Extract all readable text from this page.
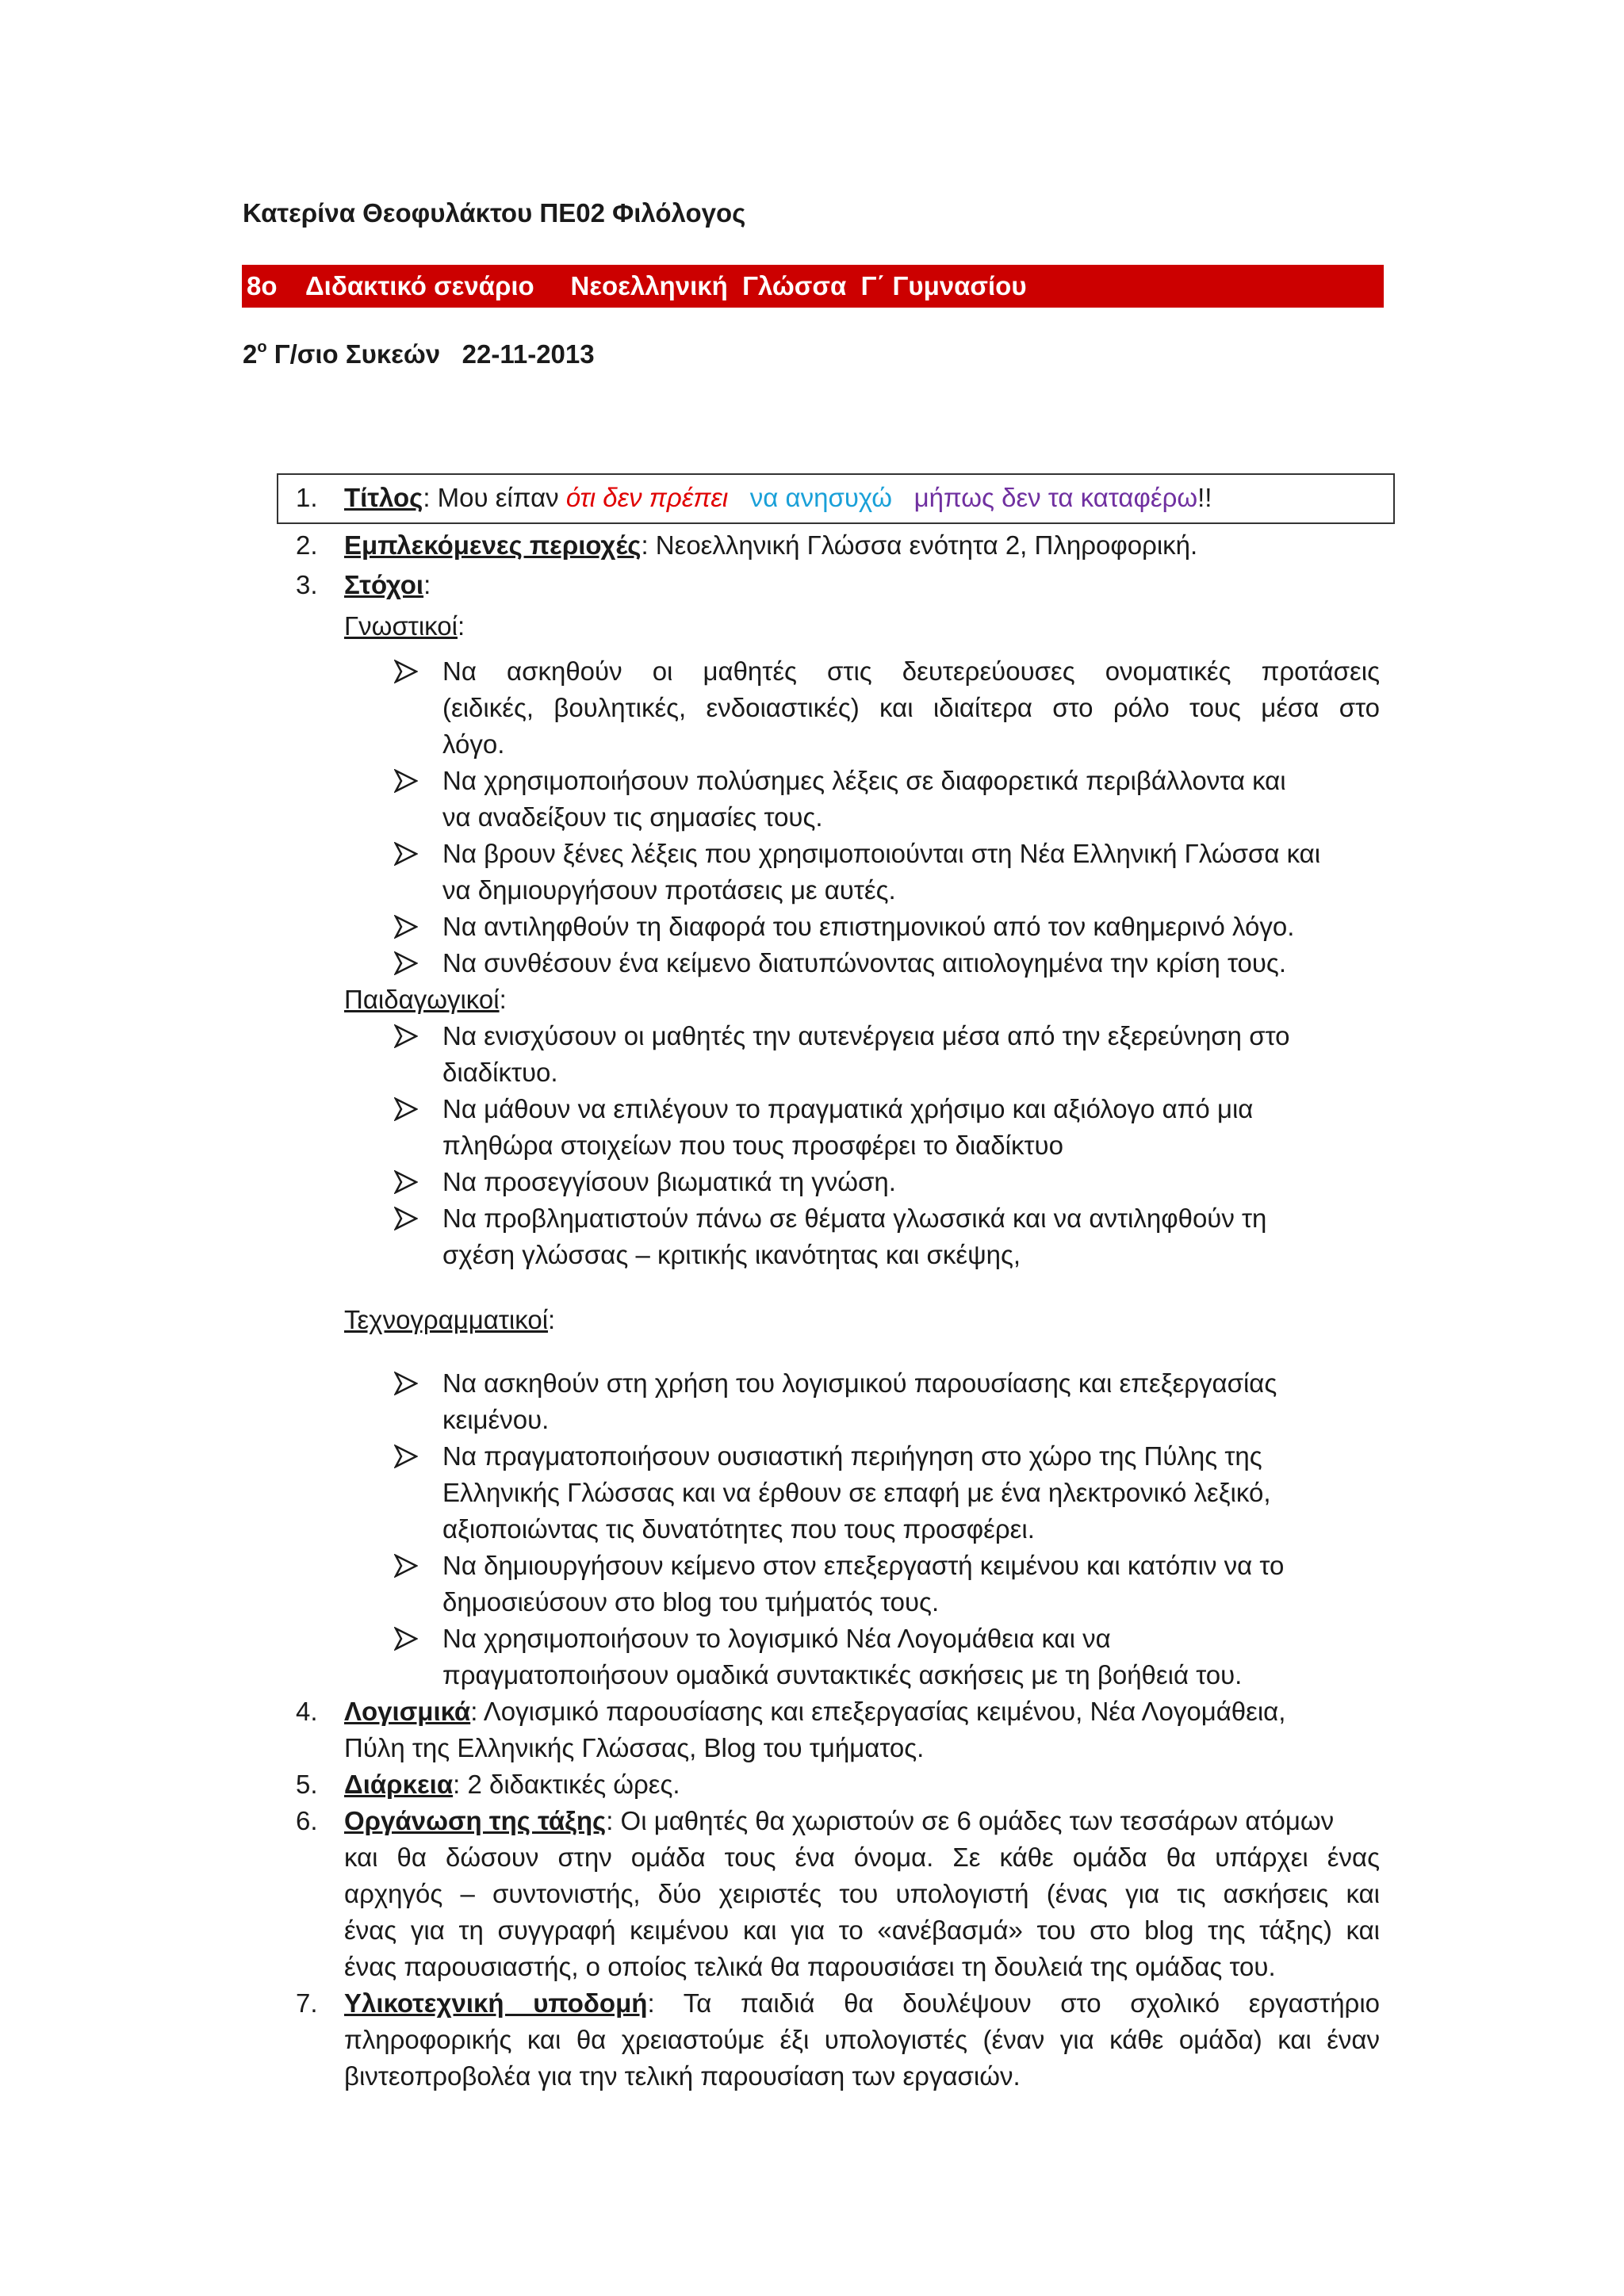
Κατερίνα Θεοφυλάκτου ΠΕ02 Φιλόλογος
8ο    Διδακτικό σενάριο     Νεοελληνική  Γλώσσα  Γ΄ Γυμνασίου
$2^o$ Γ/σιο Συκεών   22-11-2013
1. Τίτλος: Μου είπαν ότι δεν πρέπει να ανησυχώ μήπως δεν τα καταφέρω!!
2. Εμπλεκόμενες περιοχές: Νεοελληνική Γλώσσα ενότητα 2, Πληροφορική.
3. Στόχοι:
Γνωστικοί:
Να ασκηθούν οι μαθητές στις δευτερεύουσες ονοματικές προτάσεις
(ειδικές, βουλητικές, ενδοιαστικές) και ιδιαίτερα στο ρόλο τους μέσα στο
λόγο.
Να χρησιμοποιήσουν πολύσημες λέξεις σε διαφορετικά περιβάλλοντα και
να αναδείξουν τις σημασίες τους.
Να βρουν ξένες λέξεις που χρησιμοποιούνται στη Νέα Ελληνική Γλώσσα και
να δημιουργήσουν προτάσεις με αυτές.
Να αντιληφθούν τη διαφορά του επιστημονικού από τον καθημερινό λόγο.
Να συνθέσουν ένα κείμενο διατυπώνοντας αιτιολογημένα την κρίση τους.
Παιδαγωγικοί:
Να ενισχύσουν οι μαθητές την αυτενέργεια μέσα από την εξερεύνηση στο
διαδίκτυο.
Να μάθουν να επιλέγουν το πραγματικά χρήσιμο και αξιόλογο από μια
πληθώρα στοιχείων που τους προσφέρει το διαδίκτυο
Να προσεγγίσουν βιωματικά τη γνώση.
Να προβληματιστούν πάνω σε θέματα γλωσσικά και να αντιληφθούν τη
σχέση γλώσσας – κριτικής ικανότητας και σκέψης,
Τεχνογραμματικοί:
Να ασκηθούν στη χρήση του λογισμικού παρουσίασης και επεξεργασίας
κειμένου.
Να πραγματοποιήσουν ουσιαστική περιήγηση στο χώρο της Πύλης της
Ελληνικής Γλώσσας και να έρθουν σε επαφή με ένα ηλεκτρονικό λεξικό,
αξιοποιώντας τις δυνατότητες που τους προσφέρει.
Να δημιουργήσουν κείμενο στον επεξεργαστή κειμένου και κατόπιν να το
δημοσιεύσουν στο blog του τμήματός τους.
Να χρησιμοποιήσουν το λογισμικό Νέα Λογομάθεια και να
πραγματοποιήσουν ομαδικά συντακτικές ασκήσεις με τη βοήθειά του.
4. Λογισμικά: Λογισμικό παρουσίασης και επεξεργασίας κειμένου, Νέα Λογομάθεια,
Πύλη της Ελληνικής Γλώσσας, Blog του τμήματος.
5. Διάρκεια: 2 διδακτικές ώρες.
6. Οργάνωση της τάξης: Οι μαθητές θα χωριστούν σε 6 ομάδες των τεσσάρων ατόμων
και θα δώσουν στην ομάδα τους ένα όνομα. Σε κάθε ομάδα θα υπάρχει ένας
αρχηγός – συντονιστής, δύο χειριστές του υπολογιστή (ένας για τις ασκήσεις και
ένας για τη συγγραφή κειμένου και για το «ανέβασμά» του στο blog της τάξης) και
ένας παρουσιαστής, ο οποίος τελικά θα παρουσιάσει τη δουλειά της ομάδας του.
7. Υλικοτεχνική υποδομή: Τα παιδιά θα δουλέψουν στο σχολικό εργαστήριο
πληροφορικής και θα χρειαστούμε έξι υπολογιστές (έναν για κάθε ομάδα) και έναν
βιντεοπροβολέα για την τελική παρουσίαση των εργασιών.
